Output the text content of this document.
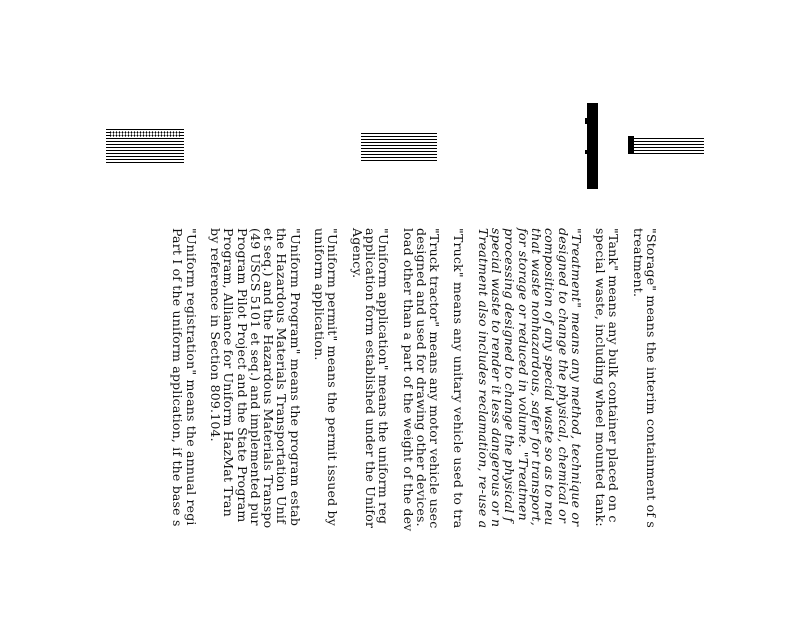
"Storage" means the interim containment of s
treatment.

"Tank" means any bulk container placed on c
special waste, including wheel mounted tank:

"Treatment" means any method, technique or
designed to change the physical, chemical or
composition of any special waste so as to neu
that waste nonhazardous, safer for transport,
for storage or reduced in volume. "Treatmen
processing designed to change the physical f
special waste to render it less dangerous or n
Treatment also includes reclamation, re-use a

"Truck" means any unitary vehicle used to tra

"Truck tractor" means any motor vehicle usec
designed and used for drawing other devices.
load other than a part of the weight of the dev

"Uniform application" means the uniform reg
application form established under the Unifor
Agency.

"Uniform permit" means the permit issued by
uniform application.

"Uniform Program" means the program estab
the Hazardous Materials Transportation Unif
et seq.) and the Hazardous Materials Transpo
(49 USCS 5101 et seq.) and implemented pur
Program Pilot Project and the State Program
Program, Alliance for Uniform HazMat Tran
by reference in Section 809.104.

"Uniform registration" means the annual regi
Part I of the uniform application, if the base s
